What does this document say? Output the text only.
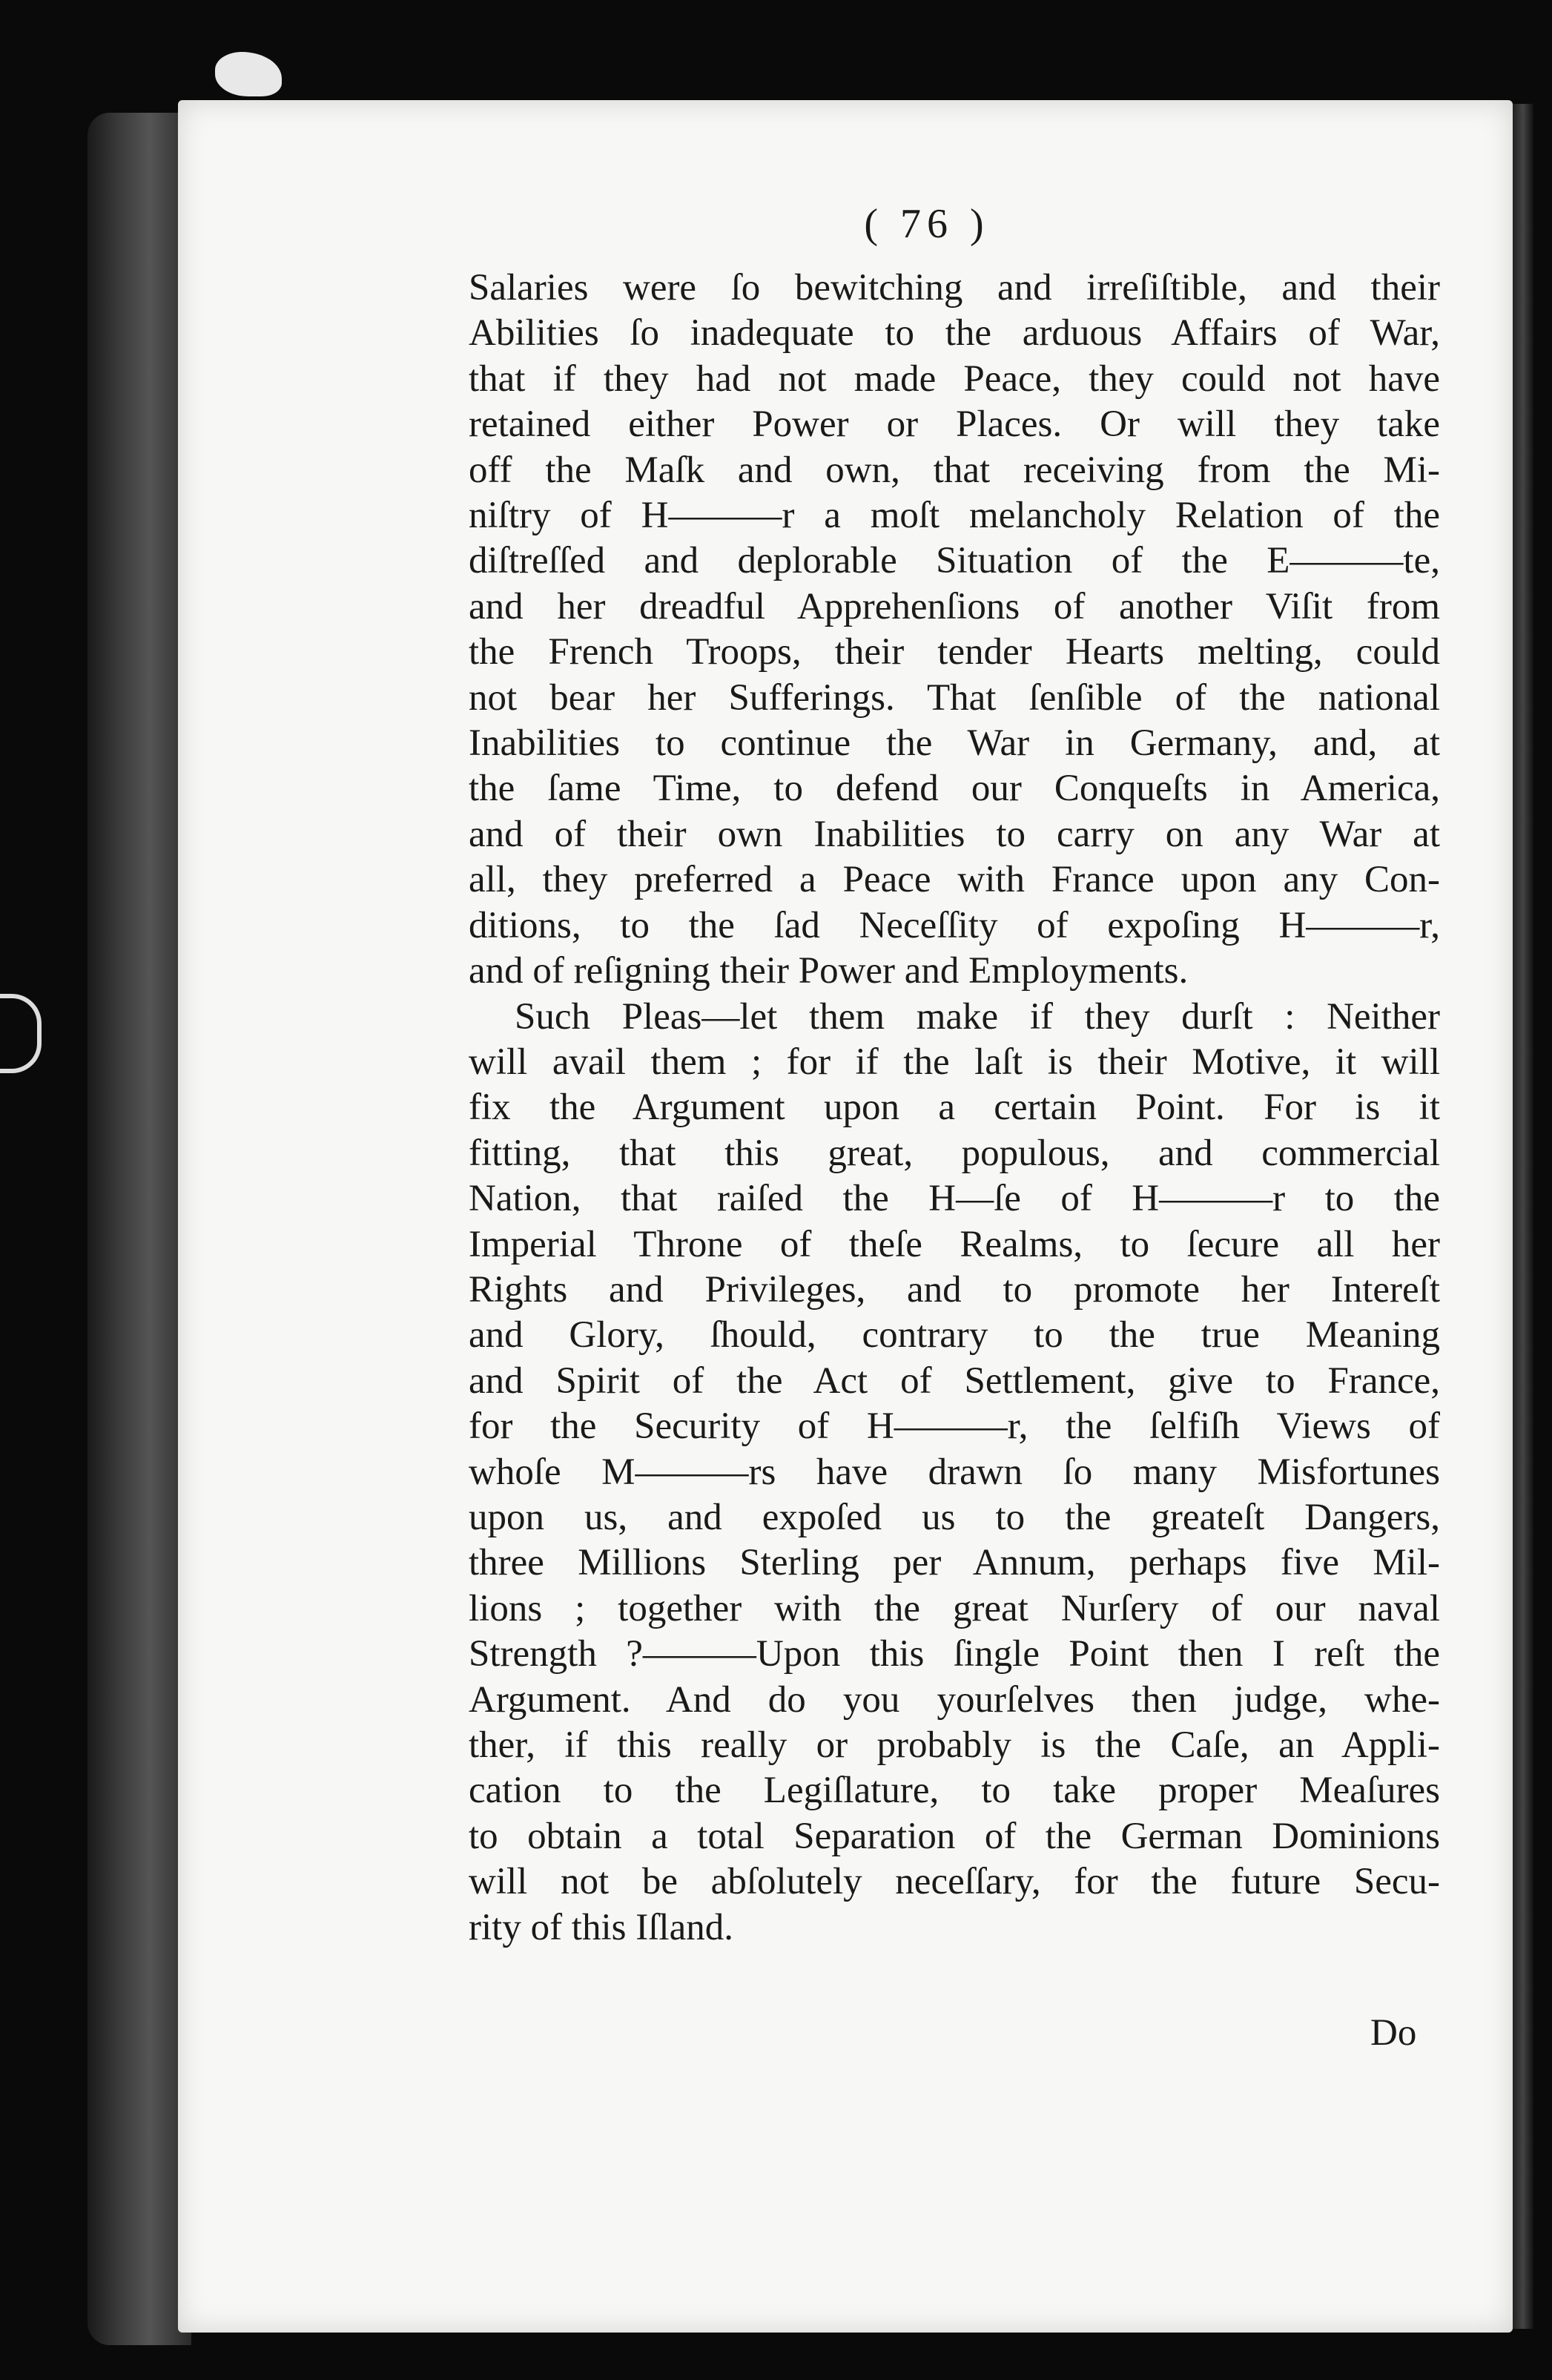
( 76 )
Salaries were ſo bewitching and irreſiſtible, and their
Abilities ſo inadequate to the arduous Affairs of War,
that if they had not made Peace, they could not have
retained either Power or Places. Or will they take
off the Maſk and own, that receiving from the Mi-
niſtry of H———r a moſt melancholy Relation of the
diſtreſſed and deplorable Situation of the E———te,
and her dreadful Apprehenſions of another Viſit from
the French Troops, their tender Hearts melting, could
not bear her Sufferings. That ſenſible of the national
Inabilities to continue the War in Germany, and, at
the ſame Time, to defend our Conqueſts in America,
and of their own Inabilities to carry on any War at
all, they preferred a Peace with France upon any Con-
ditions, to the ſad Neceſſity of expoſing H———r,
and of reſigning their Power and Employments.
Such Pleas—let them make if they durſt : Neither
will avail them ; for if the laſt is their Motive, it will
fix the Argument upon a certain Point. For is it
fitting, that this great, populous, and commercial
Nation, that raiſed the H—ſe of H———r to the
Imperial Throne of theſe Realms, to ſecure all her
Rights and Privileges, and to promote her Intereſt
and Glory, ſhould, contrary to the true Meaning
and Spirit of the Act of Settlement, give to France,
for the Security of H———r, the ſelfiſh Views of
whoſe M———rs have drawn ſo many Misfortunes
upon us, and expoſed us to the greateſt Dangers,
three Millions Sterling per Annum, perhaps five Mil-
lions ; together with the great Nurſery of our naval
Strength ?———Upon this ſingle Point then I reſt the
Argument. And do you yourſelves then judge, whe-
ther, if this really or probably is the Caſe, an Appli-
cation to the Legiſlature, to take proper Meaſures
to obtain a total Separation of the German Dominions
will not be abſolutely neceſſary, for the future Secu-
rity of this Iſland.
Do
